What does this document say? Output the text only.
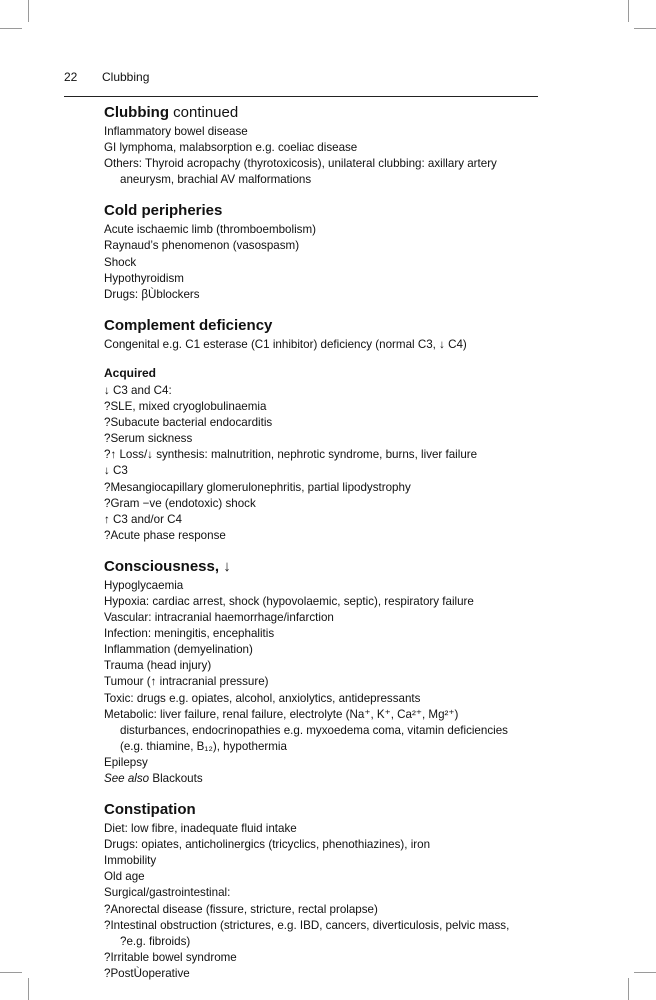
22 Clubbing
Clubbing continued
Inflammatory bowel disease
GI lymphoma, malabsorption e.g. coeliac disease
Others: Thyroid acropachy (thyrotoxicosis), unilateral clubbing: axillary artery
aneurysm, brachial AV malformations
Cold peripheries
Acute ischaemic limb (thromboembolism)
Raynaud’s phenomenon (vasospasm)
Shock
Hypothyroidism
Drugs: βÙblockers
Complement deficiency
Congenital e.g. C1 esterase (C1 inhibitor) deficiency (normal C3, ↓ C4)
Acquired
↓ C3 and C4:
?SLE, mixed cryoglobulinaemia
?Subacute bacterial endocarditis
?Serum sickness
?↑ Loss/↓ synthesis: malnutrition, nephrotic syndrome, burns, liver failure
↓ C3
?Mesangiocapillary glomerulonephritis, partial lipodystrophy
?Gram −ve (endotoxic) shock
↑ C3 and/or C4
?Acute phase response
Consciousness, ↓
Hypoglycaemia
Hypoxia: cardiac arrest, shock (hypovolaemic, septic), respiratory failure
Vascular: intracranial haemorrhage/infarction
Infection: meningitis, encephalitis
Inflammation (demyelination)
Trauma (head injury)
Tumour (↑ intracranial pressure)
Toxic: drugs e.g. opiates, alcohol, anxiolytics, antidepressants
Metabolic: liver failure, renal failure, electrolyte (Na⁺, K⁺, Ca²⁺, Mg²⁺)
disturbances, endocrinopathies e.g. myxoedema coma, vitamin deficiencies
(e.g. thiamine, B₁₂), hypothermia
Epilepsy
See also Blackouts
Constipation
Diet: low fibre, inadequate fluid intake
Drugs: opiates, anticholinergics (tricyclics, phenothiazines), iron
Immobility
Old age
Surgical/gastrointestinal:
?Anorectal disease (fissure, stricture, rectal prolapse)
?Intestinal obstruction (strictures, e.g. IBD, cancers, diverticulosis, pelvic mass,
?e.g. fibroids)
?Irritable bowel syndrome
?PostÙoperative
